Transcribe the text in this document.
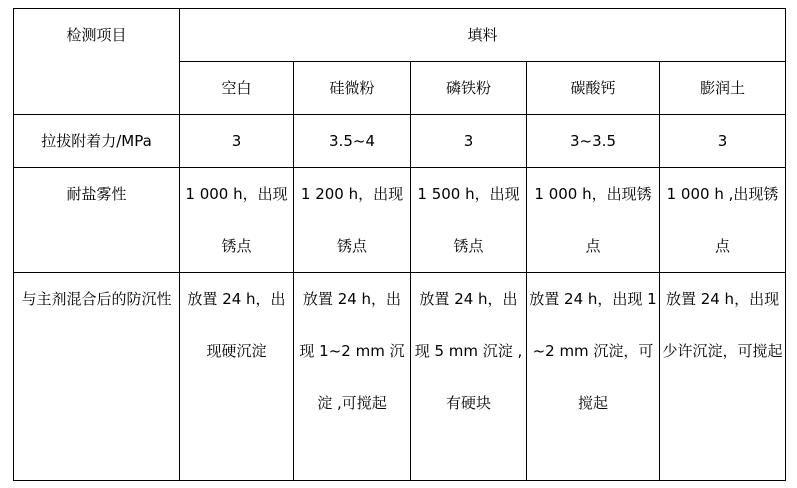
检测项目	填料				
	空白	硅微粉	磷铁粉	碳酸钙	膨润土
拉拔附着力/MPa	3	3.5~4	3	3~3.5	3
耐盐雾性	1 000 h，出现锈点	1 200 h，出现锈点	1 500 h，出现锈点	1 000 h，出现锈点	1 000 h ,出现锈点
与主剂混合后的防沉性	放置 24 h，出现硬沉淀	放置 24 h，出现 1~2 mm 沉淀 ,可搅起	放置 24 h，出现 5 mm 沉淀 ,有硬块	放置 24 h，出现 1~2 mm 沉淀，可搅起	放置 24 h，出现少许沉淀，可搅起
